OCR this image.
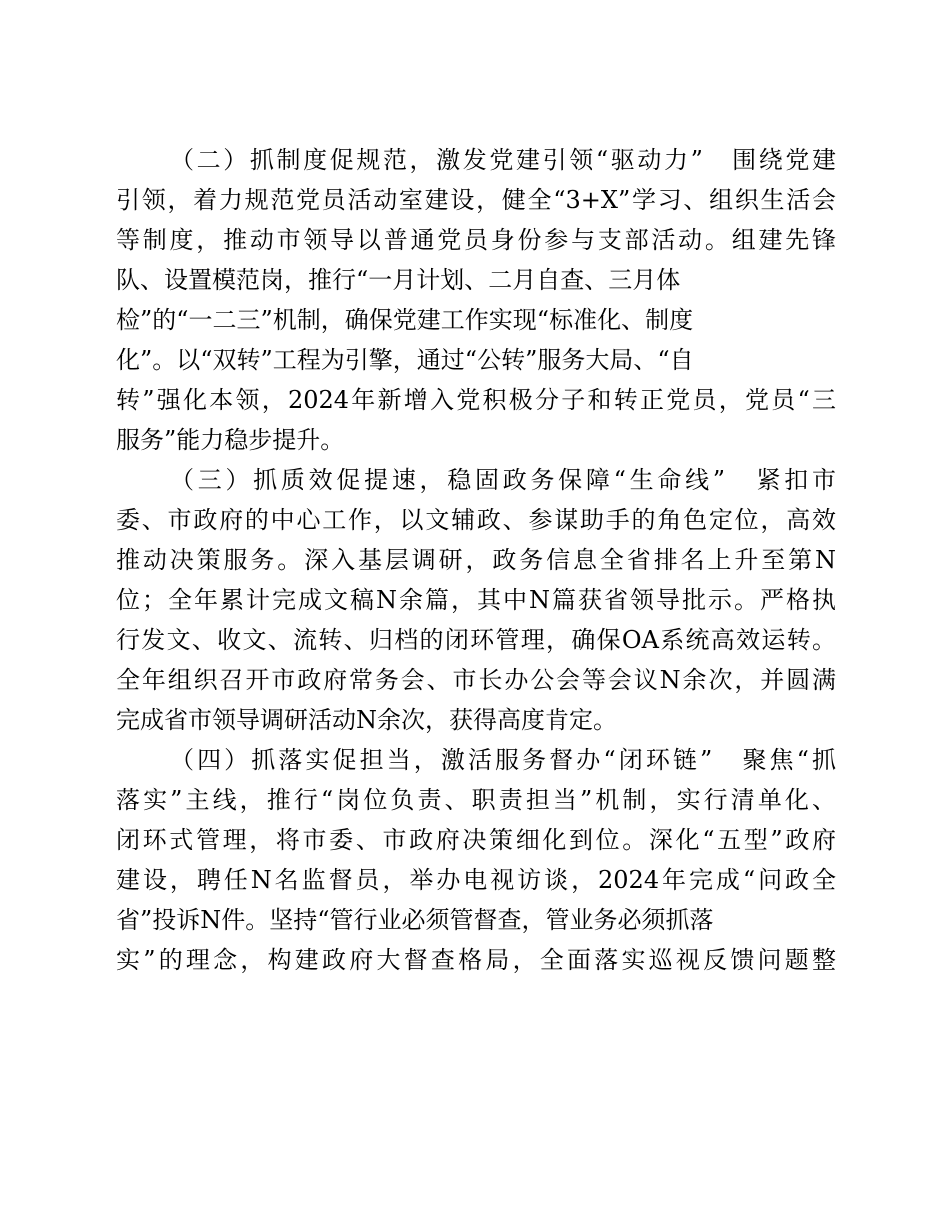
（二）抓制度促规范，激发党建引领“驱动力”　围绕党建
引领，着力规范党员活动室建设，健全“3+X”学习、组织生活会
等制度，推动市领导以普通党员身份参与支部活动。组建先锋
队、设置模范岗，推行“一月计划、二月自查、三月体
检”的“一二三”机制，确保党建工作实现“标准化、制度
化”。以“双转”工程为引擎，通过“公转”服务大局、“自
转”强化本领，2024年新增入党积极分子和转正党员，党员“三
服务”能力稳步提升。
（三）抓质效促提速，稳固政务保障“生命线”　紧扣市
委、市政府的中心工作，以文辅政、参谋助手的角色定位，高效
推动决策服务。深入基层调研，政务信息全省排名上升至第N
位；全年累计完成文稿N余篇，其中N篇获省领导批示。严格执
行发文、收文、流转、归档的闭环管理，确保OA系统高效运转。
全年组织召开市政府常务会、市长办公会等会议N余次，并圆满
完成省市领导调研活动N余次，获得高度肯定。
（四）抓落实促担当，激活服务督办“闭环链”　聚焦“抓
落实”主线，推行“岗位负责、职责担当”机制，实行清单化、
闭环式管理，将市委、市政府决策细化到位。深化“五型”政府
建设，聘任N名监督员，举办电视访谈，2024年完成“问政全
省”投诉N件。坚持“管行业必须管督查，管业务必须抓落
实”的理念，构建政府大督查格局，全面落实巡视反馈问题整
